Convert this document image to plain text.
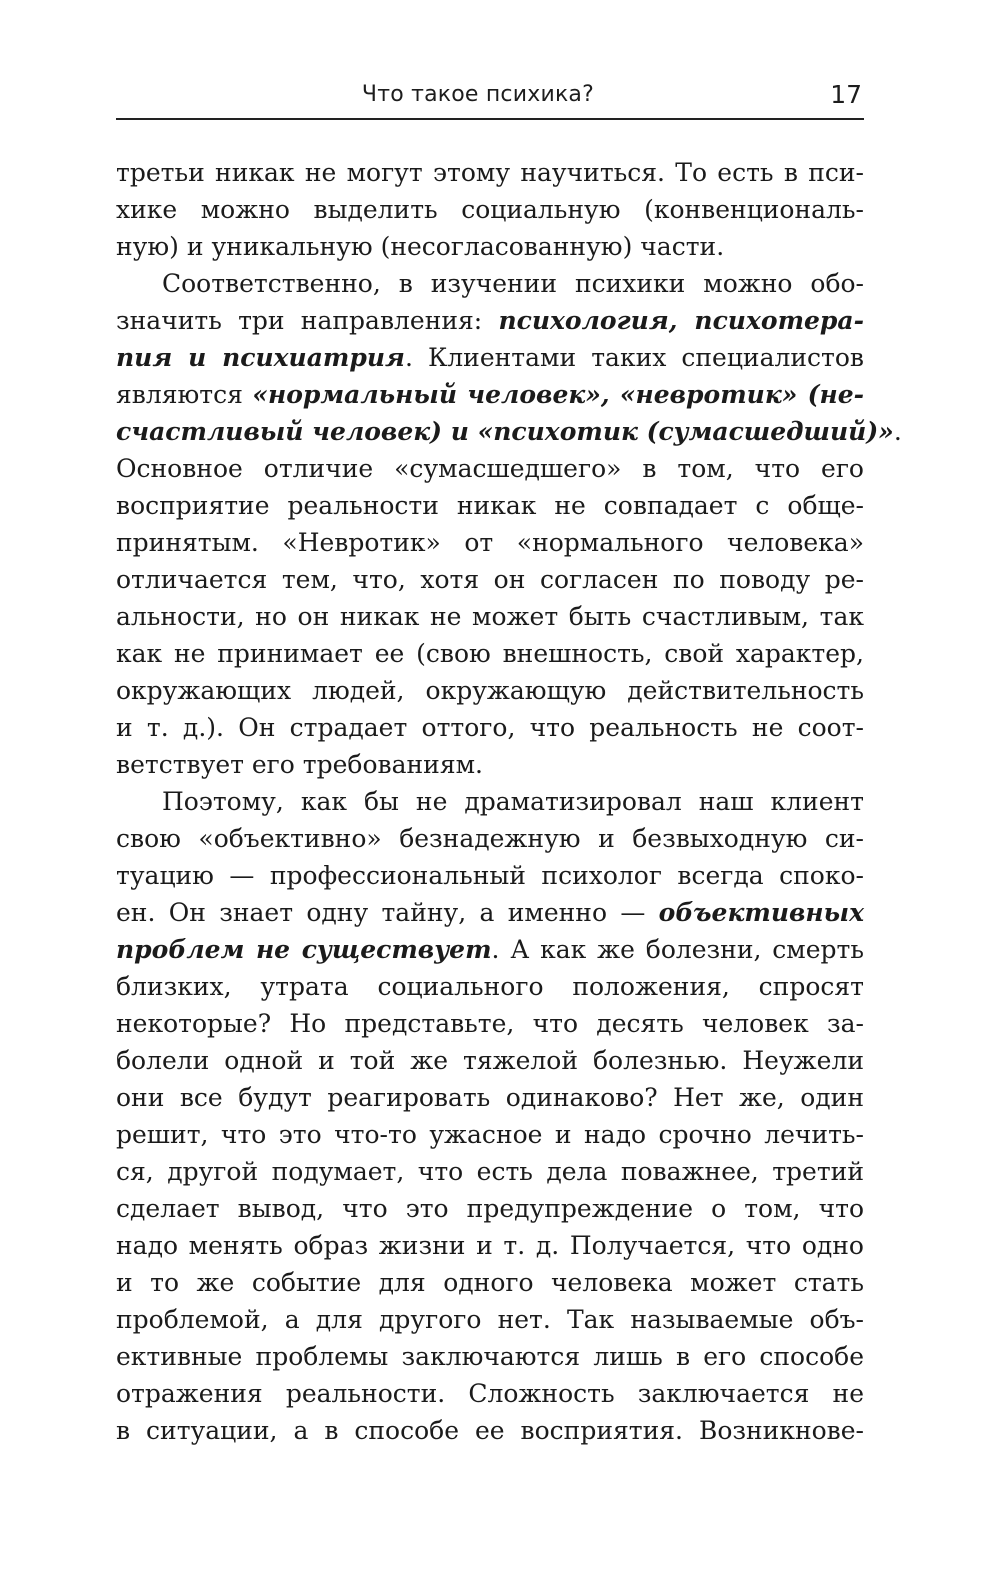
Что такое психика?	17
третьи никак не могут этому научиться. То есть в пси-
хике можно выделить социальную (конвенциональ-
ную) и уникальную (несогласованную) части.
Соответственно, в изучении психики можно обо-
значить три направления: психология, психотера-
пия и психиатрия. Клиентами таких специалистов
являются «нормальный человек», «невротик» (не-
счастливый человек) и «психотик (сумасшедший)».
Основное отличие «сумасшедшего» в том, что его
восприятие реальности никак не совпадает с обще-
принятым. «Невротик» от «нормального человека»
отличается тем, что, хотя он согласен по поводу ре-
альности, но он никак не может быть счастливым, так
как не принимает ее (свою внешность, свой характер,
окружающих людей, окружающую действительность
и т. д.). Он страдает оттого, что реальность не соот-
ветствует его требованиям.
Поэтому, как бы не драматизировал наш клиент
свою «объективно» безнадежную и безвыходную си-
туацию — профессиональный психолог всегда споко-
ен. Он знает одну тайну, а именно — объективных
проблем не существует. А как же болезни, смерть
близких, утрата социального положения, спросят
некоторые? Но представьте, что десять человек за-
болели одной и той же тяжелой болезнью. Неужели
они все будут реагировать одинаково? Нет же, один
решит, что это что-то ужасное и надо срочно лечить-
ся, другой подумает, что есть дела поважнее, третий
сделает вывод, что это предупреждение о том, что
надо менять образ жизни и т. д. Получается, что одно
и то же событие для одного человека может стать
проблемой, а для другого нет. Так называемые объ-
ективные проблемы заключаются лишь в его способе
отражения реальности. Сложность заключается не
в ситуации, а в способе ее восприятия. Возникнове-
